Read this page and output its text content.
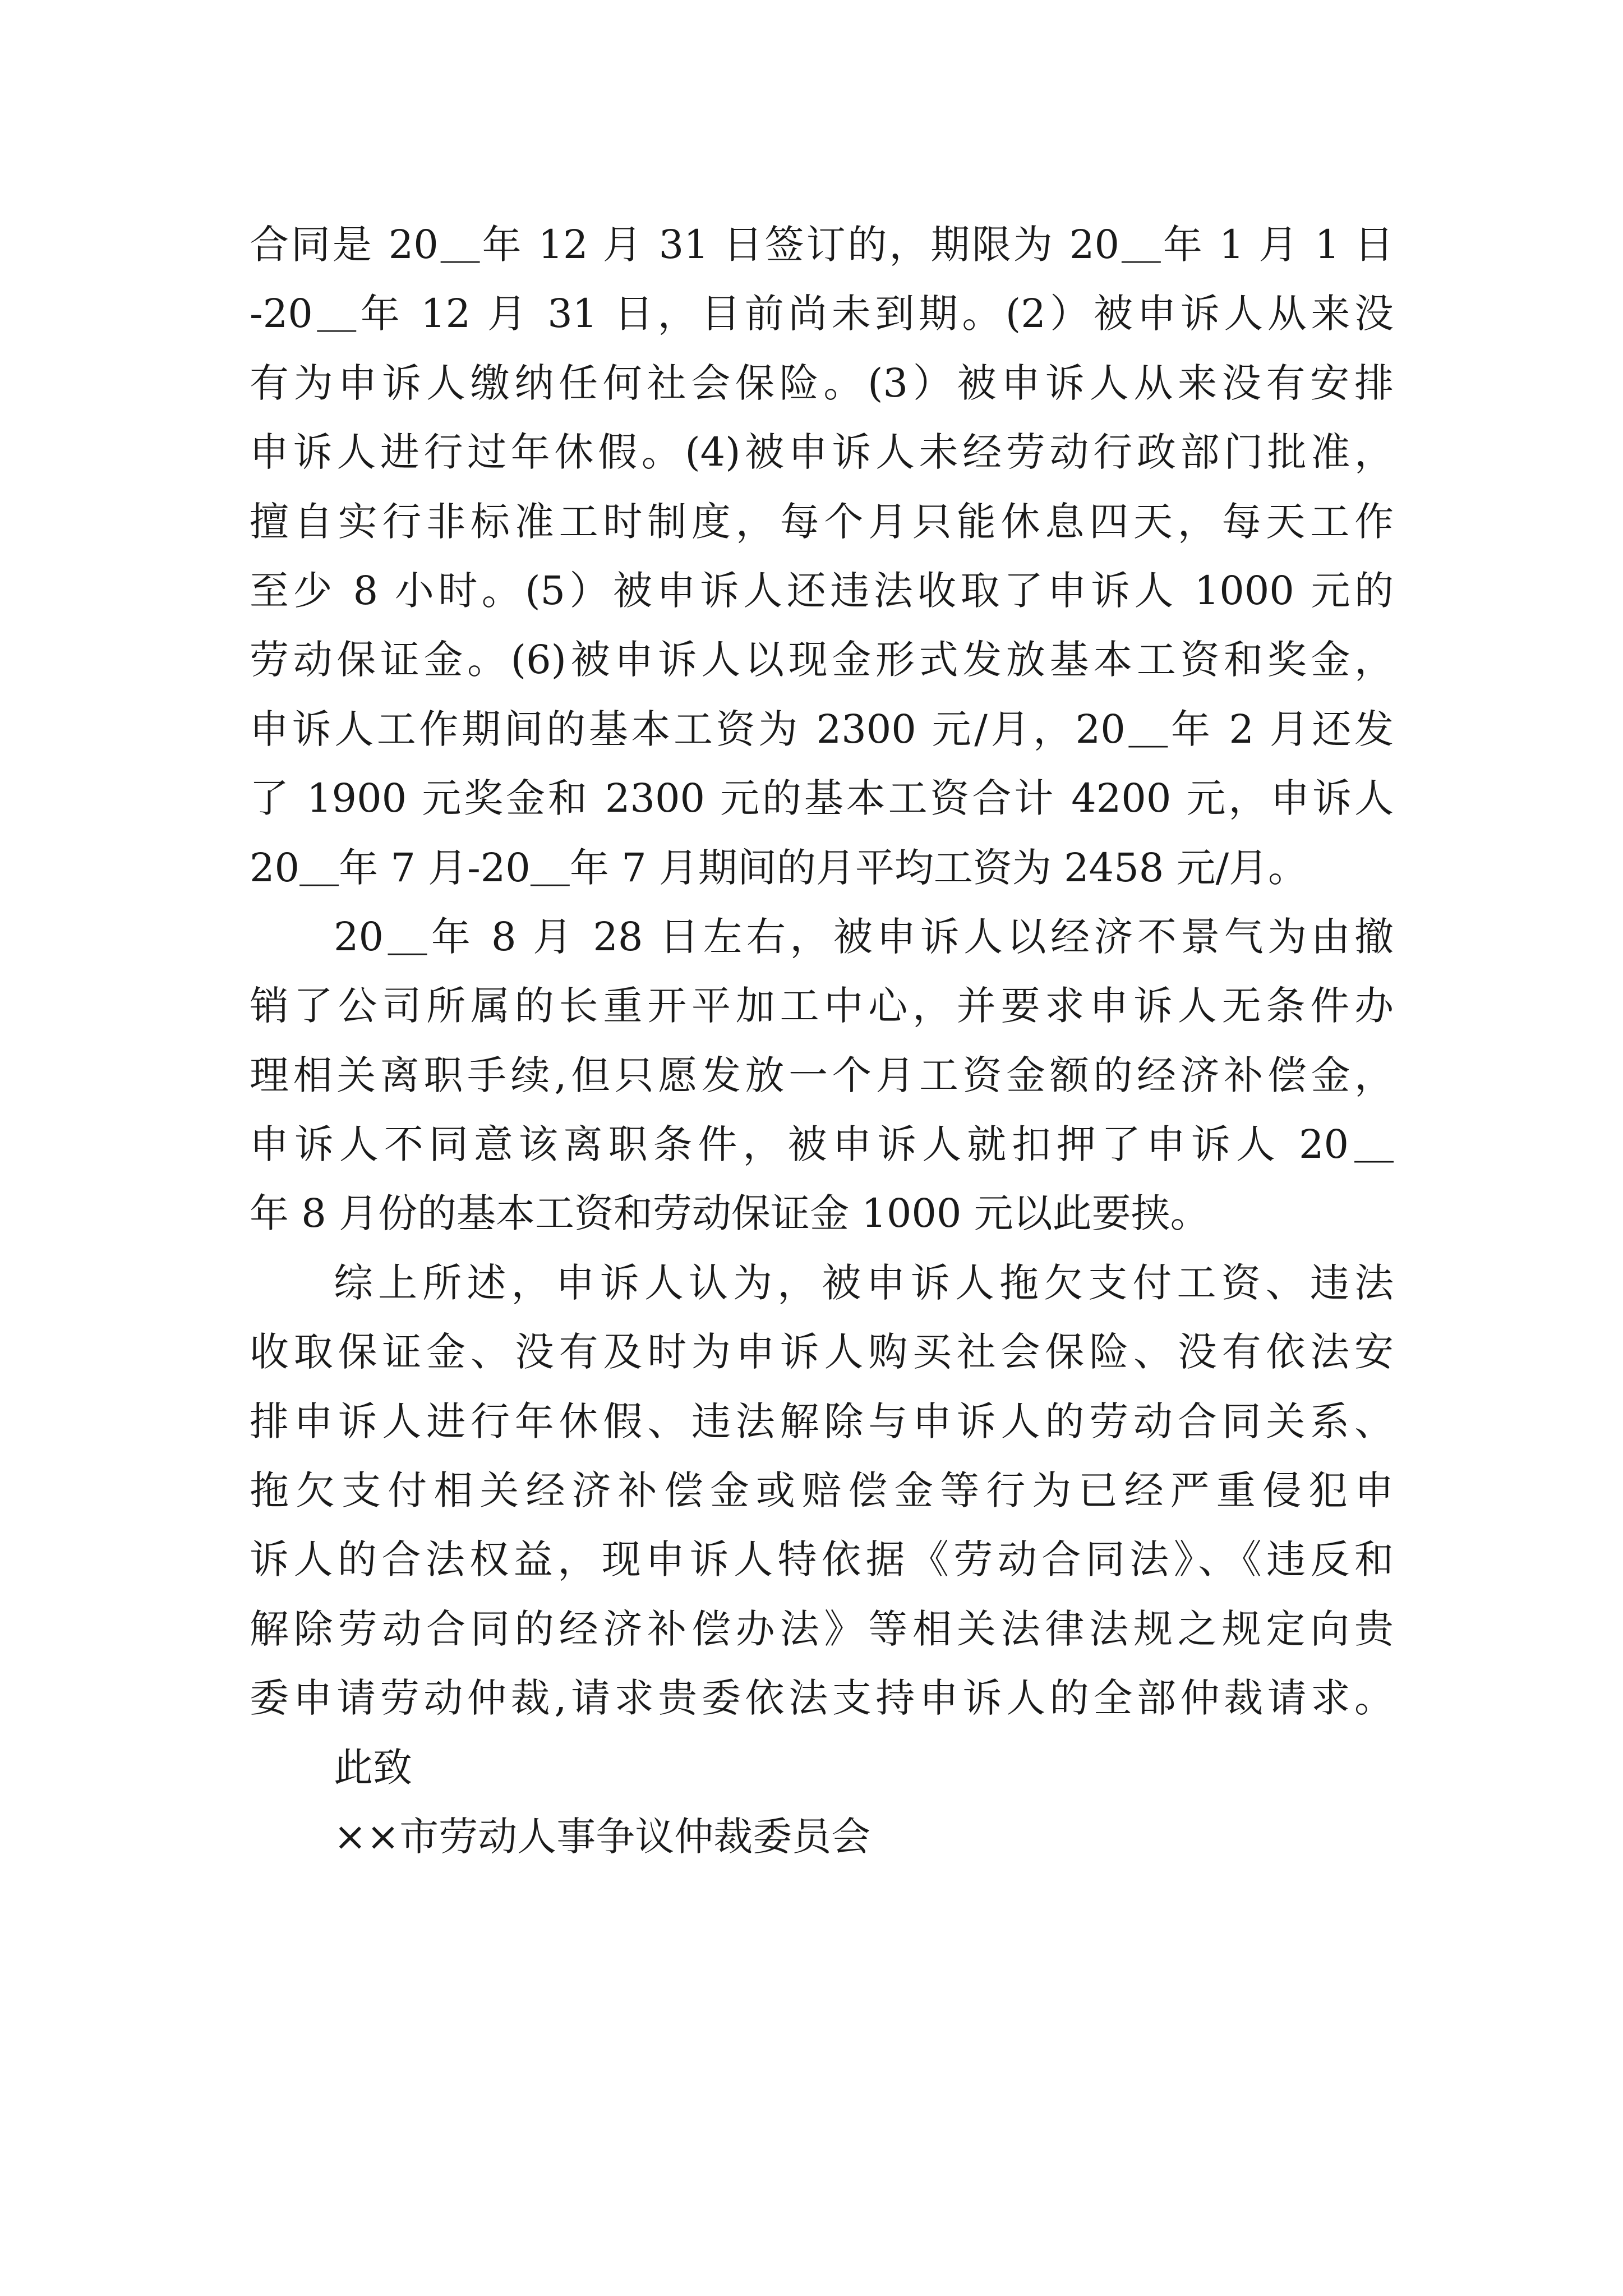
合同是 20＿年 12 月 31 日签订的，期限为 20＿年 1 月 1 日
-20＿年 12 月 31 日，目前尚未到期。(2）被申诉人从来没
有为申诉人缴纳任何社会保险。(3）被申诉人从来没有安排
申诉人进行过年休假。(4)被申诉人未经劳动行政部门批准，
擅自实行非标准工时制度，每个月只能休息四天，每天工作
至少 8 小时。(5）被申诉人还违法收取了申诉人 1000 元的
劳动保证金。(6)被申诉人以现金形式发放基本工资和奖金，
申诉人工作期间的基本工资为 2300 元/月，20＿年 2 月还发
了 1900 元奖金和 2300 元的基本工资合计 4200 元，申诉人
20＿年 7 月-20＿年 7 月期间的月平均工资为 2458 元/月。
20＿年 8 月 28 日左右，被申诉人以经济不景气为由撤
销了公司所属的长重开平加工中心，并要求申诉人无条件办
理相关离职手续,但只愿发放一个月工资金额的经济补偿金，
申诉人不同意该离职条件，被申诉人就扣押了申诉人 20＿
年 8 月份的基本工资和劳动保证金 1000 元以此要挟。
综上所述，申诉人认为，被申诉人拖欠支付工资、违法
收取保证金、没有及时为申诉人购买社会保险、没有依法安
排申诉人进行年休假、违法解除与申诉人的劳动合同关系、
拖欠支付相关经济补偿金或赔偿金等行为已经严重侵犯申
诉人的合法权益，现申诉人特依据《劳动合同法》、《违反和
解除劳动合同的经济补偿办法》等相关法律法规之规定向贵
委申请劳动仲裁,请求贵委依法支持申诉人的全部仲裁请求。
此致
××市劳动人事争议仲裁委员会
